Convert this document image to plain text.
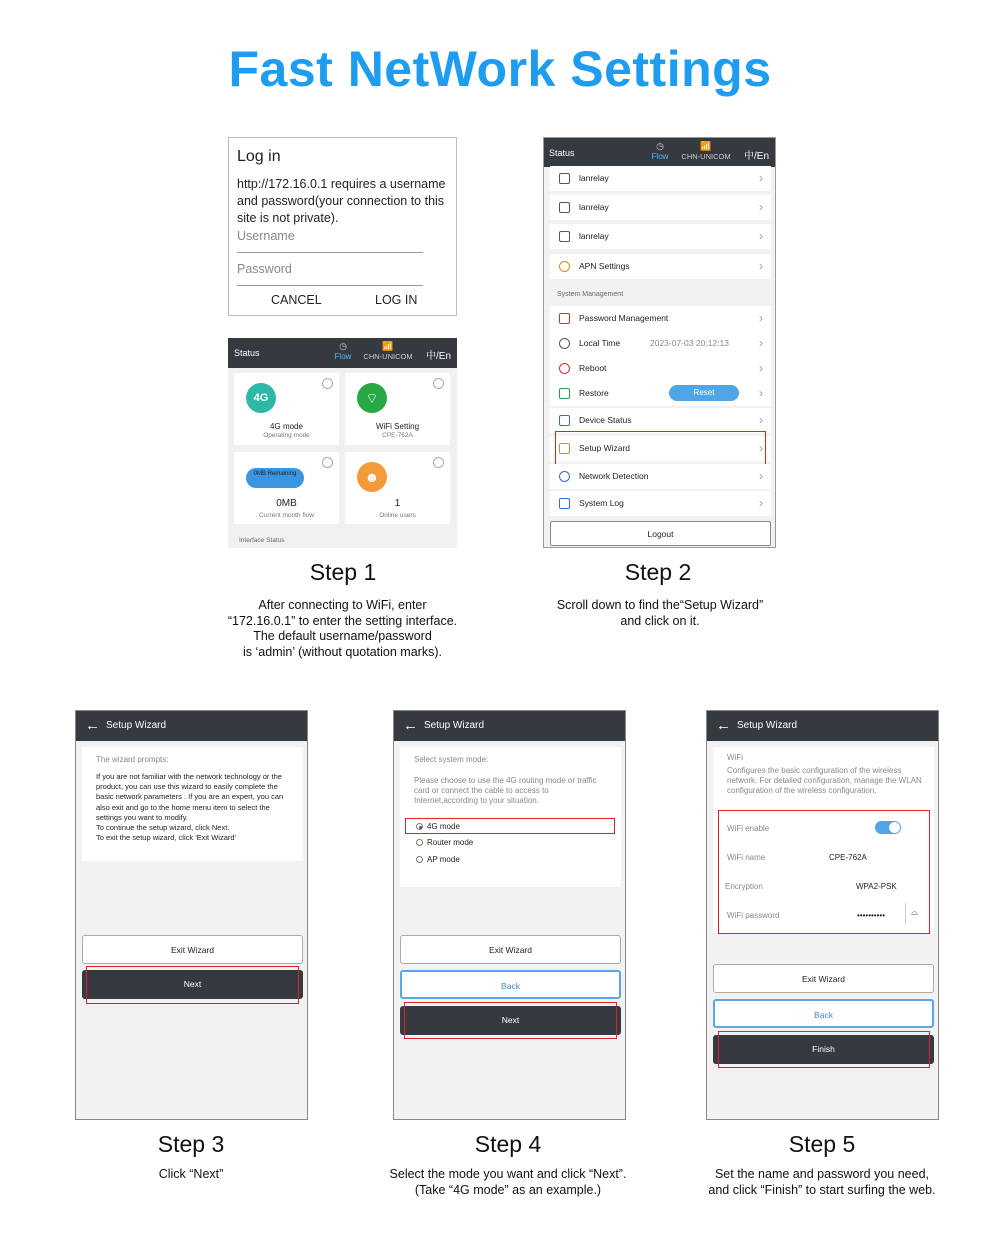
Fast NetWork Settings
Log in
http://172.16.0.1 requires a username and password(your connection to this site is not private).
Username
Password
CANCEL	LOG IN
Status
◷
Flow
📶
CHN-UNICOM	中/En
4G
4G mode
Operating mode
⌔
WiFi Setting
CPE-762A
0MB Remaining
0MB
Current month flow
☻
1
Online users
Interface Status
Status
◷
Flow
📶
CHN-UNICOM	中/En
lanrelay	›
lanrelay	›
lanrelay	›
APN Settings	›
System Management
Password Management	›
Local Time	2023-07-03 20:12:13	›
Reboot	›
Restore	Reset	›
Device Status	›
Setup Wizard	›
Network Detection	›
System Log	›
Logout
Step 1	Step 2
After connecting to WiFi, enter
“172.16.0.1” to enter the setting interface.
The default username/password
is ‘admin’ (without quotation marks).
Scroll down to find the“Setup Wizard”
and click on it.
← Setup Wizard
The wizard prompts:
If you are not familiar with the network technology or the product, you can use this wizard to easily complete the basic network parameters . If you are an expert, you can also exit and go to the home menu item to select the settings you want to modify.
To continue the setup wizard, click Next.
To exit the setup wizard, click 'Exit Wizard'
Exit Wizard
Next
← Setup Wizard
Select system mode:
Please choose to use the 4G routing mode or traffic card or connect the cable to access to Internet,according to your situation.
4G mode
Router mode
AP mode
Exit Wizard
Back
Next
← Setup Wizard
WiFi
Configures the basic configuration of the wireless network. For detailed configuration, manage the WLAN configuration of the wireless configuration.
WiFi enable
WiFi name	CPE-762A
Encryption	WPA2-PSK
WiFi password	••••••••••	⌓
Exit Wizard
Back
Finish
Step 3	Step 4	Step 5
Click “Next”	Select the mode you want and click “Next”.
(Take “4G mode” as an example.)
Set the name and password you need,
and click “Finish” to start surfing the web.
